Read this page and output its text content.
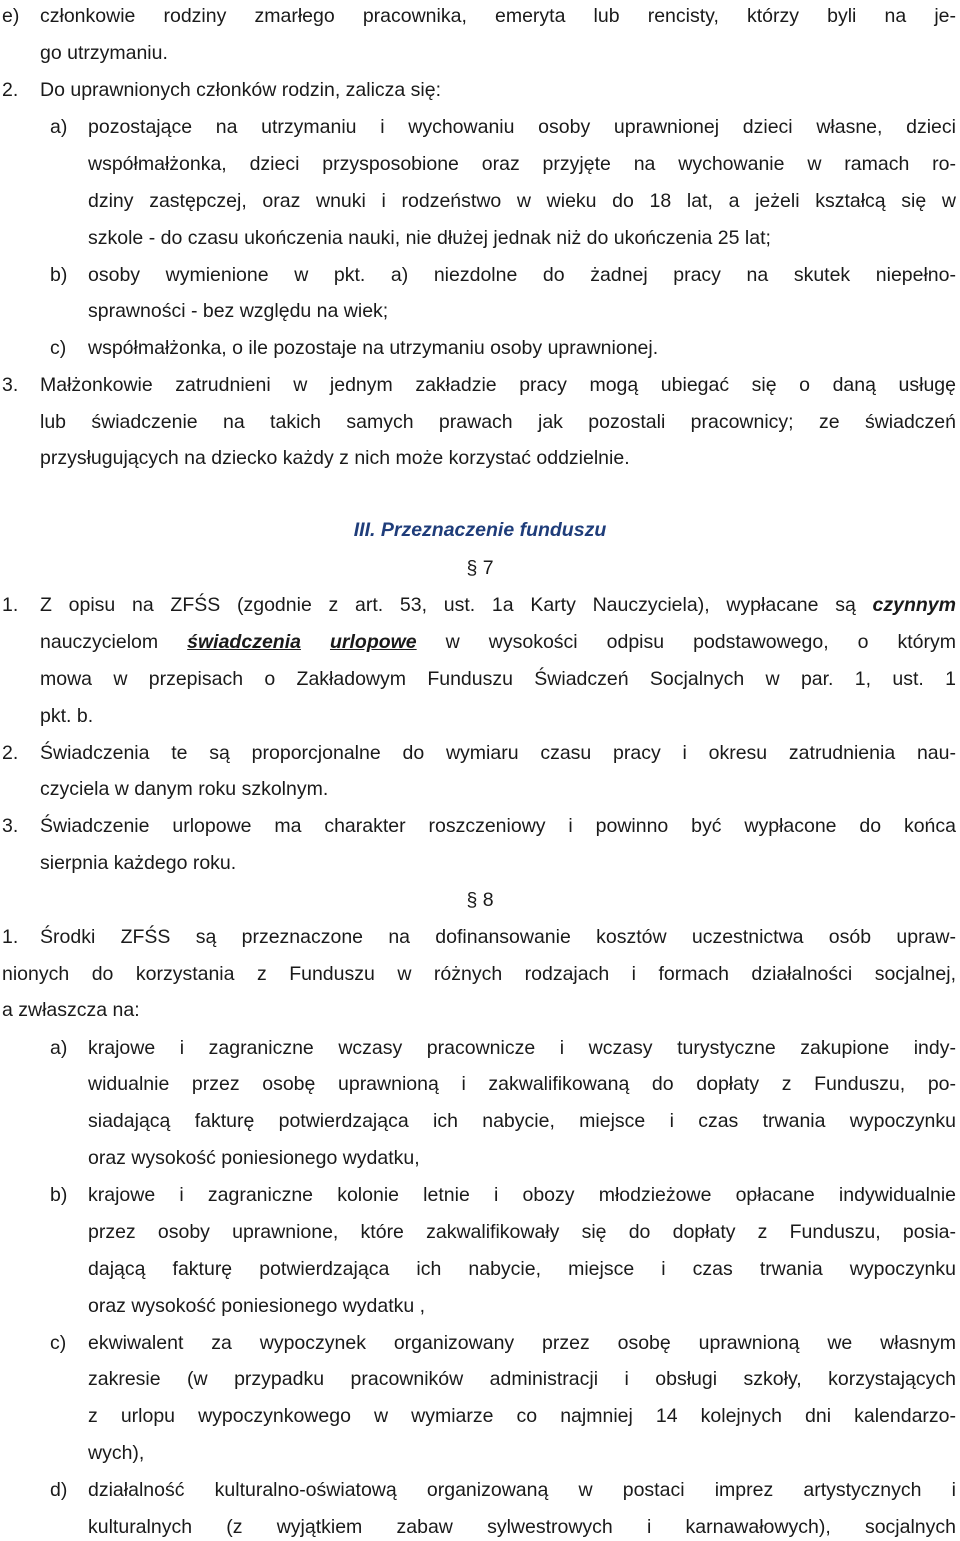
e) członkowie rodziny zmarłego pracownika, emeryta lub rencisty, którzy byli na je-
go utrzymaniu.
2. Do uprawnionych członków rodzin, zalicza się:
a) pozostające na utrzymaniu i wychowaniu osoby uprawnionej dzieci własne, dzieci
współmałżonka, dzieci przysposobione oraz przyjęte na wychowanie w ramach ro-
dziny zastępczej, oraz wnuki i rodzeństwo w wieku do 18 lat, a jeżeli kształcą się w
szkole - do czasu ukończenia nauki, nie dłużej jednak niż do ukończenia 25 lat;
b) osoby wymienione w pkt. a) niezdolne do żadnej pracy na skutek niepełno-
sprawności - bez względu na wiek;
c) współmałżonka, o ile pozostaje na utrzymaniu osoby uprawnionej.
3. Małżonkowie zatrudnieni w jednym zakładzie pracy mogą ubiegać się o daną usługę
lub świadczenie na takich samych prawach jak pozostali pracownicy; ze świadczeń
przysługujących na dziecko każdy z nich może korzystać oddzielnie.
III. Przeznaczenie funduszu
§ 7
1. Z opisu na ZFŚS (zgodnie z art. 53, ust. 1a Karty Nauczyciela), wypłacane są czynnym
nauczycielom świadczenia urlopowe w wysokości odpisu podstawowego, o którym
mowa w przepisach o Zakładowym Funduszu Świadczeń Socjalnych w par. 1, ust. 1
pkt. b.
2. Świadczenia te są proporcjonalne do wymiaru czasu pracy i okresu zatrudnienia nau-
czyciela w danym roku szkolnym.
3. Świadczenie urlopowe ma charakter roszczeniowy i powinno być wypłacone do końca
sierpnia każdego roku.
§ 8
1. Środki ZFŚS są przeznaczone na dofinansowanie kosztów uczestnictwa osób upraw-
nionych do korzystania z Funduszu w różnych rodzajach i formach działalności socjalnej,
a zwłaszcza na:
a) krajowe i zagraniczne wczasy pracownicze i wczasy turystyczne zakupione indy-
widualnie przez osobę uprawnioną i zakwalifikowaną do dopłaty z Funduszu, po-
siadającą fakturę potwierdzająca ich nabycie, miejsce i czas trwania wypoczynku
oraz wysokość poniesionego wydatku,
b) krajowe i zagraniczne kolonie letnie i obozy młodzieżowe opłacane indywidualnie
przez osoby uprawnione, które zakwalifikowały się do dopłaty z Funduszu, posia-
dającą fakturę potwierdzająca ich nabycie, miejsce i czas trwania wypoczynku
oraz wysokość poniesionego wydatku ,
c) ekwiwalent za wypoczynek organizowany przez osobę uprawnioną we własnym
zakresie (w przypadku pracowników administracji i obsługi szkoły, korzystających
z urlopu wypoczynkowego w wymiarze co najmniej 14 kolejnych dni kalendarzo-
wych),
d) działalność kulturalno-oświatową organizowaną w postaci imprez artystycznych i
kulturalnych (z wyjątkiem zabaw sylwestrowych i karnawałowych), socjalnych
